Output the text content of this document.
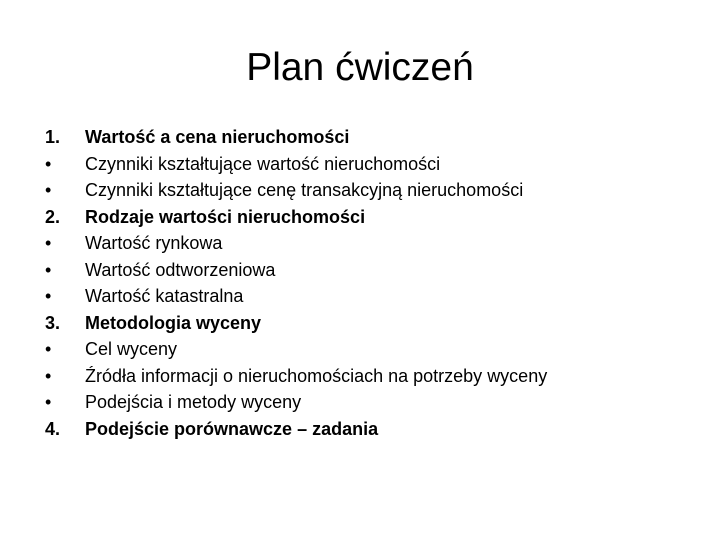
Plan ćwiczeń
1.	Wartość a cena nieruchomości
•	Czynniki kształtujące wartość nieruchomości
•	Czynniki kształtujące cenę transakcyjną nieruchomości
2.	Rodzaje wartości nieruchomości
•	Wartość rynkowa
•	Wartość odtworzeniowa
•	Wartość katastralna
3.	Metodologia wyceny
•	Cel wyceny
•	Źródła informacji o nieruchomościach na potrzeby wyceny
•	Podejścia i metody wyceny
4.	Podejście porównawcze – zadania
